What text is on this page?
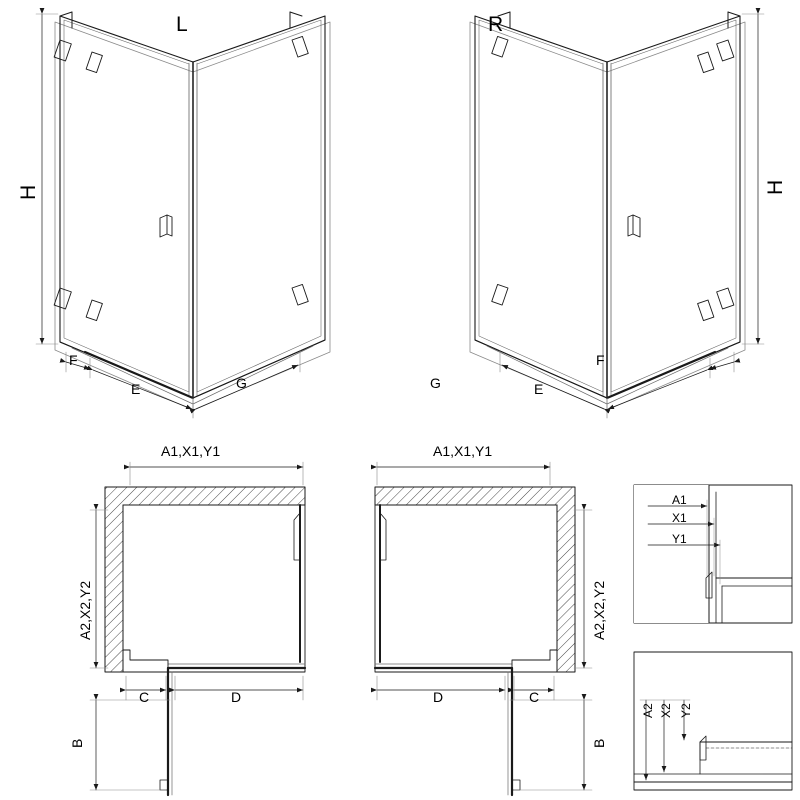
L	R
H	H
F
E	G
F
E
G
A1,X1,Y1	A1,X1,Y1
A2,X2,Y2	A2,X2,Y2
C	D
B
C
D
B
A1
X1
Y1
A2 X2 Y2
